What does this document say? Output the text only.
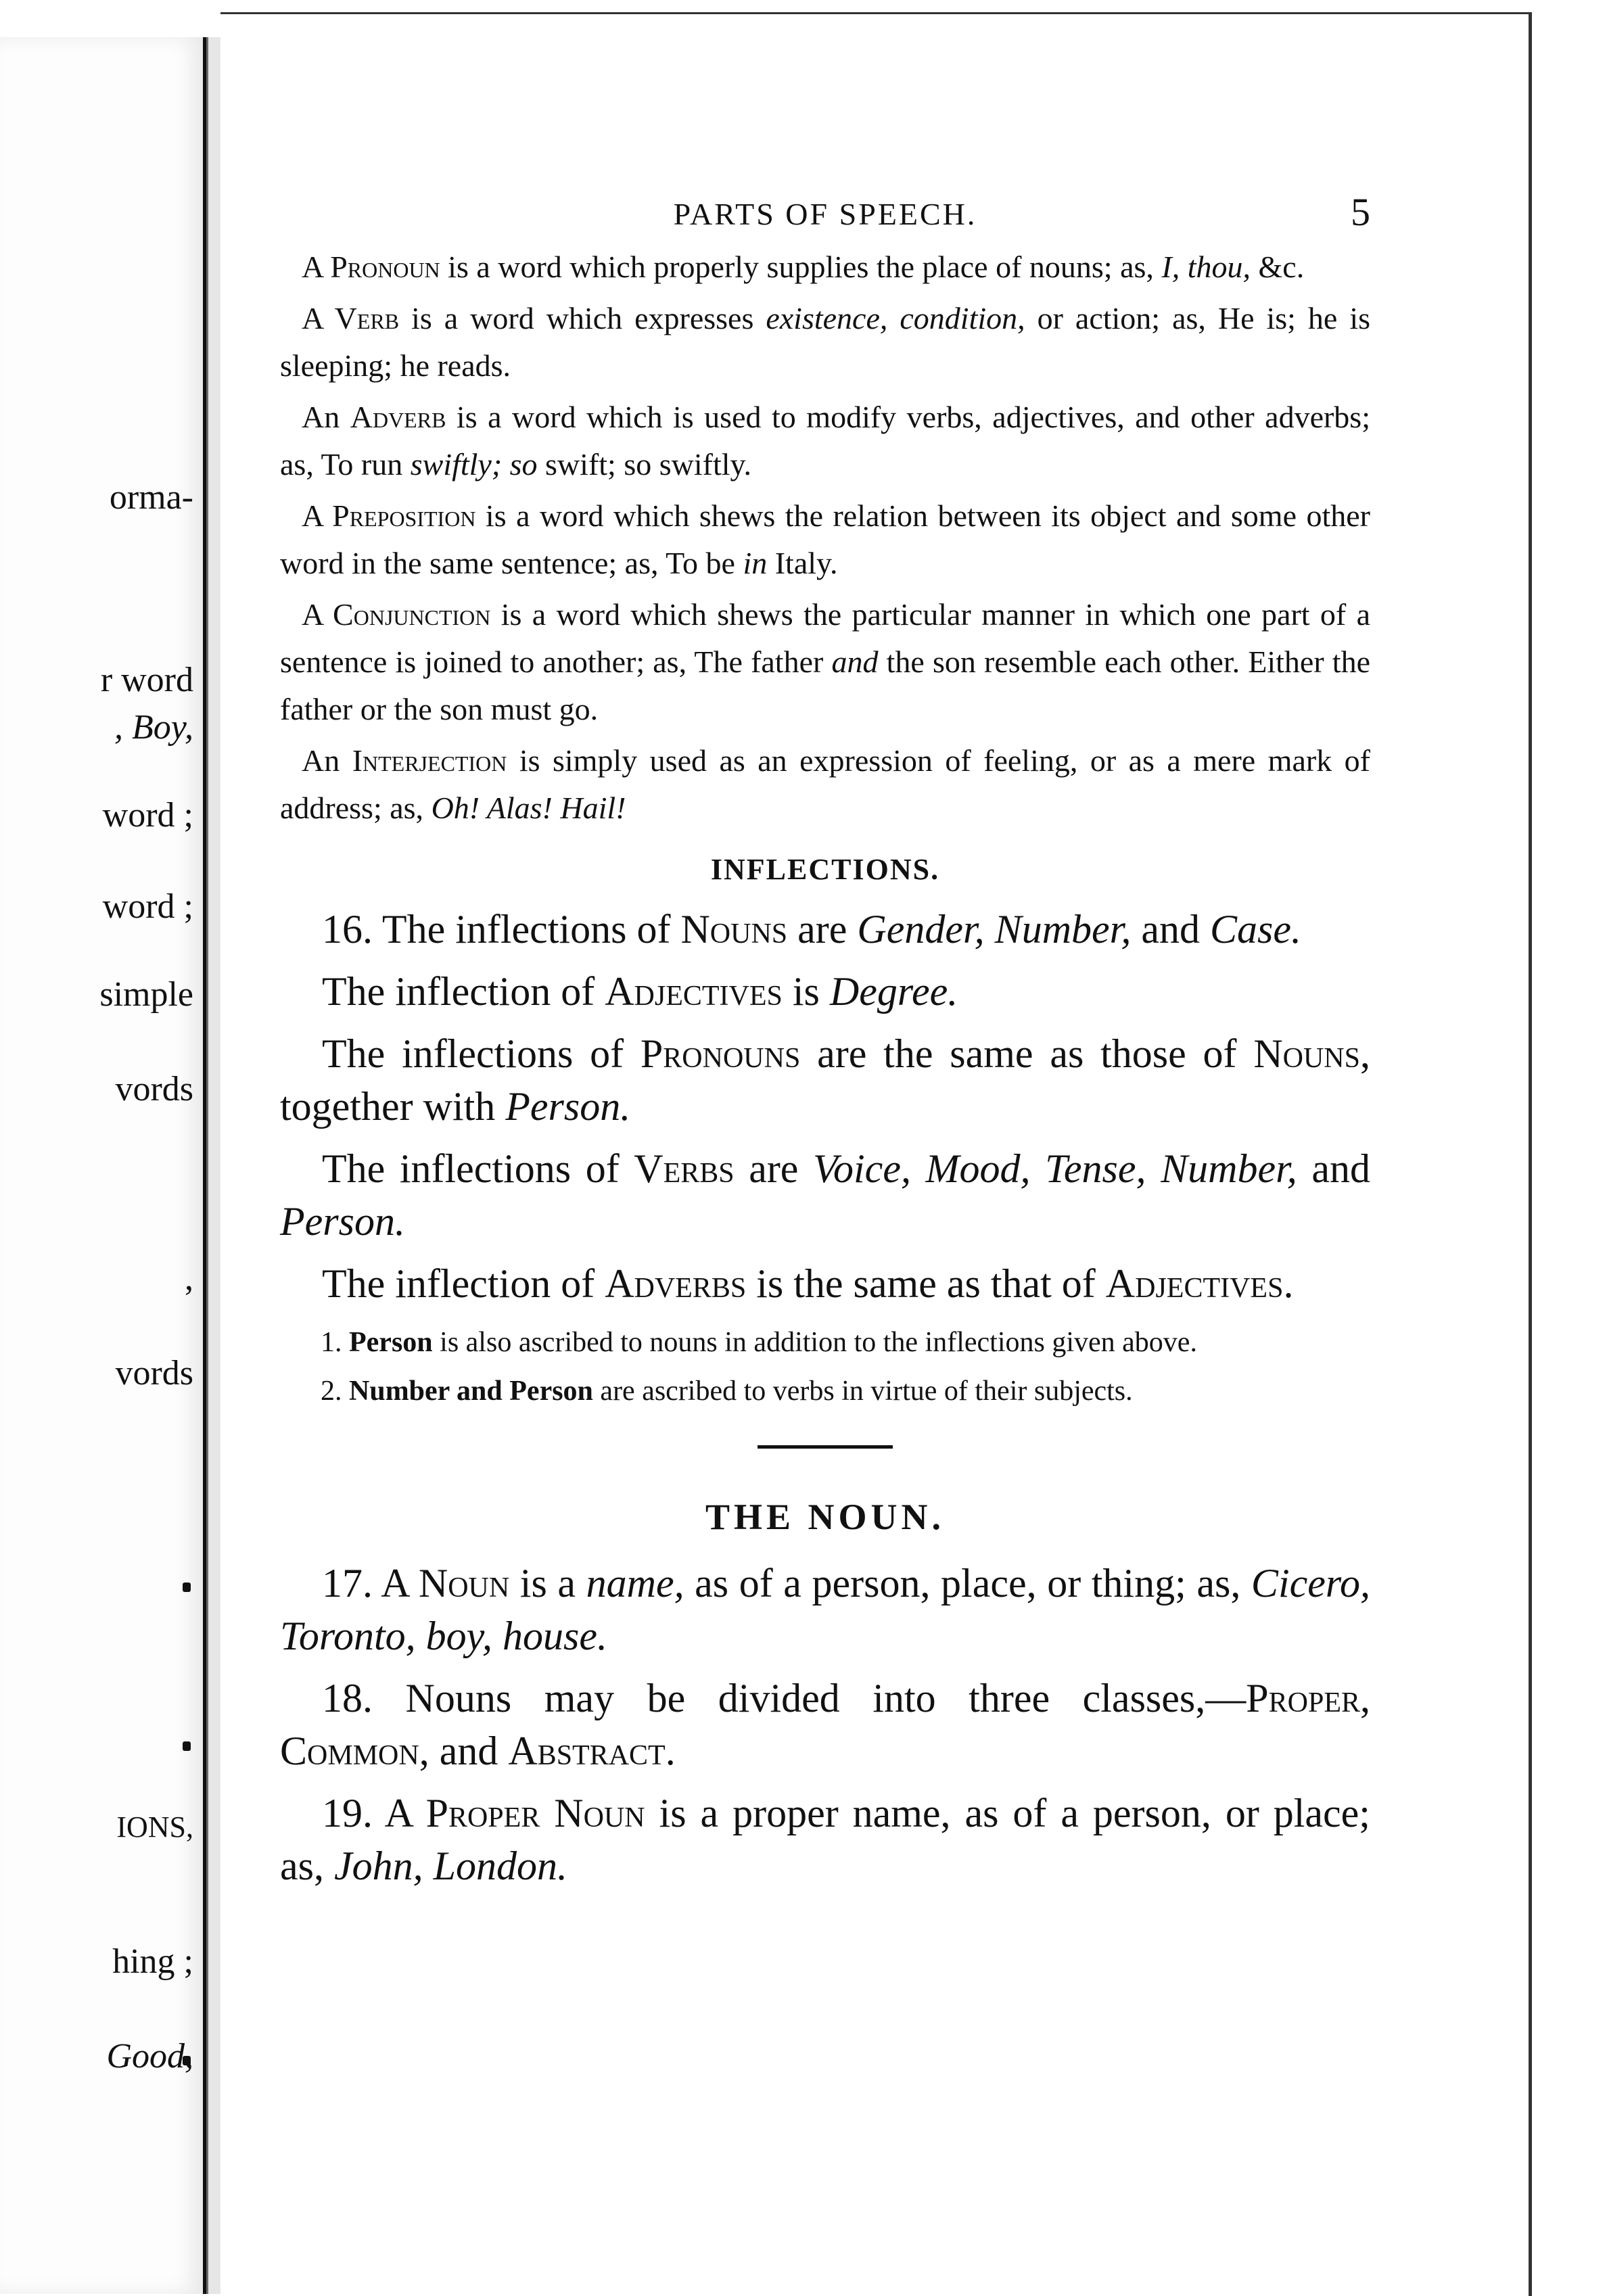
orma-
r word
, Boy,
word ;
word ;
simple
vords
,
vords
IONS,
hing ;
Good,
PARTS OF SPEECH.	5

A Pronoun is a word which properly supplies the place of nouns; as, I, thou, &c.

A Verb is a word which expresses existence, condition, or action; as, He is; he is sleeping; he reads.

An Adverb is a word which is used to modify verbs, adjectives, and other adverbs; as, To run swiftly; so swift; so swiftly.

A Preposition is a word which shews the relation between its object and some other word in the same sentence; as, To be in Italy.

A Conjunction is a word which shews the particular manner in which one part of a sentence is joined to another; as, The father and the son resemble each other. Either the father or the son must go.

An Interjection is simply used as an expression of feeling, or as a mere mark of address; as, Oh! Alas! Hail!

INFLECTIONS.

16. The inflections of Nouns are Gender, Number, and Case.

The inflection of Adjectives is Degree.

The inflections of Pronouns are the same as those of Nouns, together with Person.

The inflections of Verbs are Voice, Mood, Tense, Number, and Person.

The inflection of Adverbs is the same as that of Adjectives.

1. Person is also ascribed to nouns in addition to the inflections given above.

2. Number and Person are ascribed to verbs in virtue of their subjects.

THE NOUN.

17. A Noun is a name, as of a person, place, or thing; as, Cicero, Toronto, boy, house.

18. Nouns may be divided into three classes,—Proper, Common, and Abstract.

19. A Proper Noun is a proper name, as of a person, or place; as, John, London.
